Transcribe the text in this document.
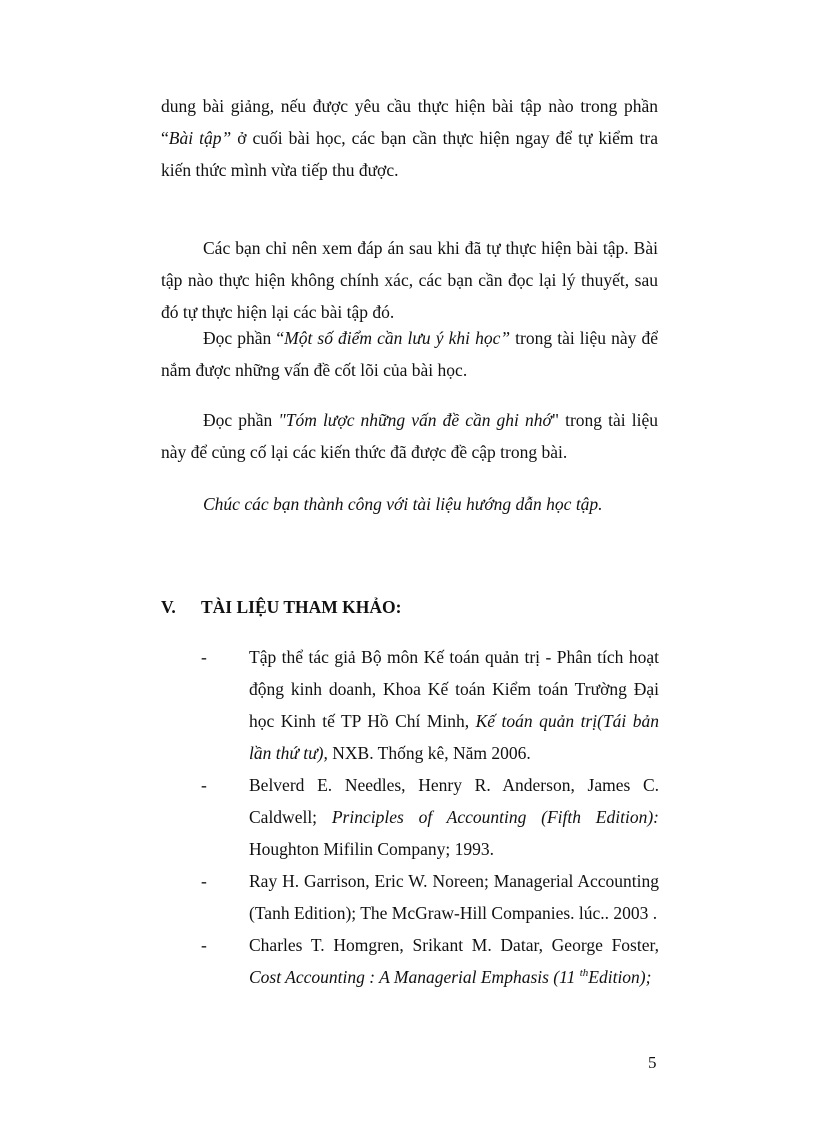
dung bài giảng, nếu được yêu cầu thực hiện bài tập nào trong phần “Bài tập” ở cuối bài học, các bạn cần thực hiện ngay để tự kiểm tra kiến thức mình vừa tiếp thu được.
Các bạn chỉ nên xem đáp án sau khi đã tự thực hiện bài tập. Bài tập nào thực hiện không chính xác, các bạn cần đọc lại lý thuyết, sau đó tự thực hiện lại các bài tập đó.
Đọc phần “Một số điểm cần lưu ý khi học” trong tài liệu này để nắm được những vấn đề cốt lõi của bài học.
Đọc phần "Tóm lược những vấn đề cần ghi nhớ" trong tài liệu này để củng cố lại các kiến thức đã được đề cập trong bài.
Chúc các bạn thành công với tài liệu hướng dẫn học tập.
V. TÀI LIỆU THAM KHẢO:
- Tập thể tác giả Bộ môn Kế toán quản trị - Phân tích hoạt động kinh doanh, Khoa Kế toán Kiểm toán Trường Đại học Kinh tế TP Hồ Chí Minh, Kế toán quản trị(Tái bản lần thứ tư), NXB. Thống kê, Năm 2006.
- Belverd E. Needles, Henry R. Anderson, James C. Caldwell; Principles of Accounting (Fifth Edition): Houghton Mifilin Company; 1993.
- Ray H. Garrison, Eric W. Noreen; Managerial Accounting (Tanh Edition); The McGraw-Hill Companies. lúc.. 2003 .
- Charles T. Homgren, Srikant M. Datar, George Foster, Cost Accounting : A Managerial Emphasis (11 $^{th}$Edition);
5
